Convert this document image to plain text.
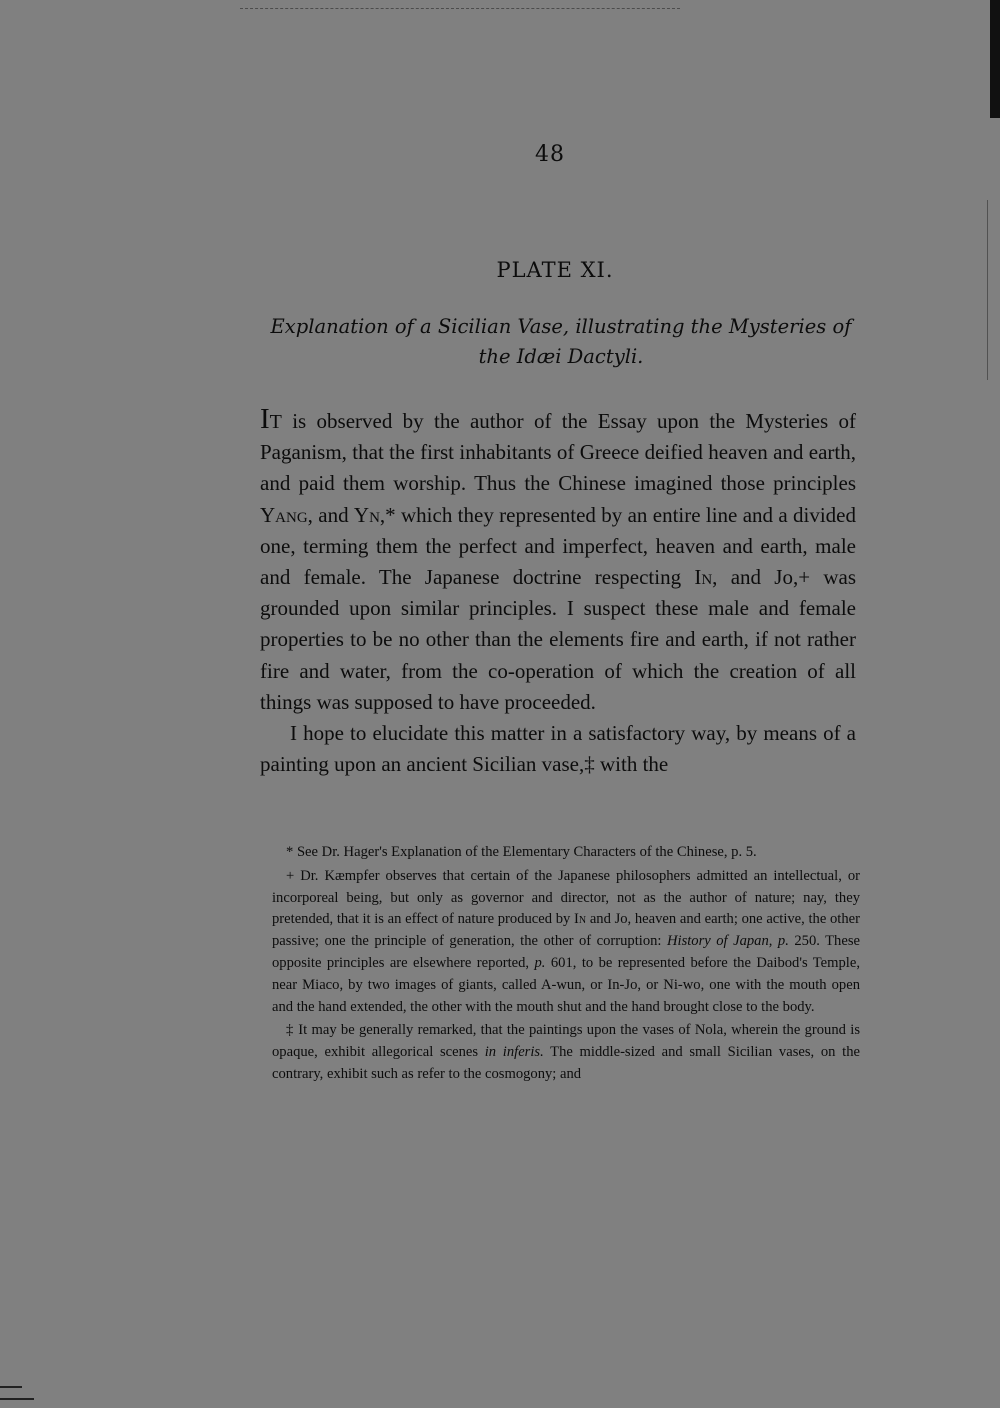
48
PLATE XI.
Explanation of a Sicilian Vase, illustrating the Mysteries of the Idæi Dactyli.

It is observed by the author of the Essay upon the Mysteries of Paganism, that the first inhabitants of Greece deified heaven and earth, and paid them worship. Thus the Chinese imagined those principles Yang, and Yn,* which they represented by an entire line and a divided one, terming them the perfect and imperfect, heaven and earth, male and female. The Japanese doctrine respecting In, and Jo,+ was grounded upon similar principles. I suspect these male and female properties to be no other than the elements fire and earth, if not rather fire and water, from the co-operation of which the creation of all things was supposed to have proceeded.

I hope to elucidate this matter in a satisfactory way, by means of a painting upon an ancient Sicilian vase,‡ with the

* See Dr. Hager's Explanation of the Elementary Characters of the Chinese, p. 5.

+ Dr. Kæmpfer observes that certain of the Japanese philosophers admitted an intellectual, or incorporeal being, but only as governor and director, not as the author of nature; nay, they pretended, that it is an effect of nature produced by In and Jo, heaven and earth; one active, the other passive; one the principle of generation, the other of corruption: History of Japan, p. 250. These opposite principles are elsewhere reported, p. 601, to be represented before the Daibod's Temple, near Miaco, by two images of giants, called A-wun, or In-Jo, or Ni-wo, one with the mouth open and the hand extended, the other with the mouth shut and the hand brought close to the body.

‡ It may be generally remarked, that the paintings upon the vases of Nola, wherein the ground is opaque, exhibit allegorical scenes in inferis. The middle-sized and small Sicilian vases, on the contrary, exhibit such as refer to the cosmogony; and
